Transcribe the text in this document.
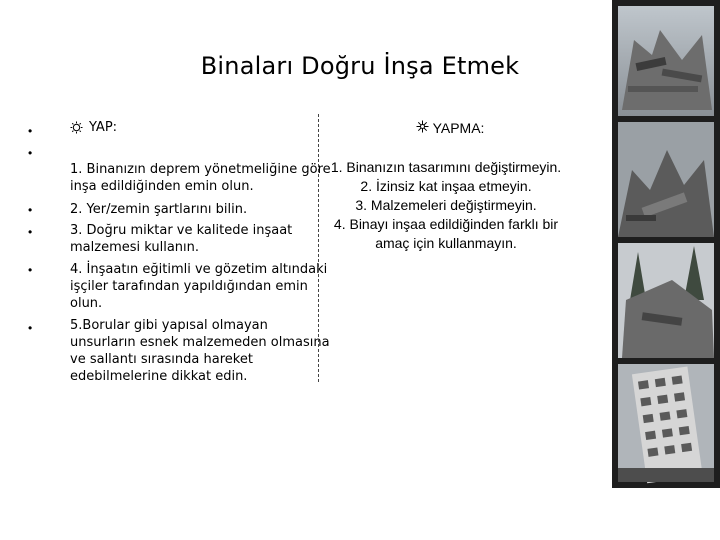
Binaları Doğru İnşa Etmek
•
•
•
•
•
•
YAP:
1. Binanızın deprem yönetmeliğine göre inşa edildiğinden emin olun.
2. Yer/zemin şartlarını bilin.
3. Doğru miktar ve kalitede inşaat malzemesi kullanın.
4. İnşaatın eğitimli ve gözetim altındaki işçiler tarafından yapıldığından emin olun.
5.Borular gibi yapısal olmayan unsurların esnek malzemeden olmasına ve sallantı sırasında hareket edebilmelerine dikkat edin.
YAPMA:
1. Binanızın tasarımını değiştirmeyin.
2. İzinsiz kat inşaa etmeyin.
3. Malzemeleri değiştirmeyin.
4. Binayı inşaa edildiğinden farklı bir amaç için kullanmayın.
